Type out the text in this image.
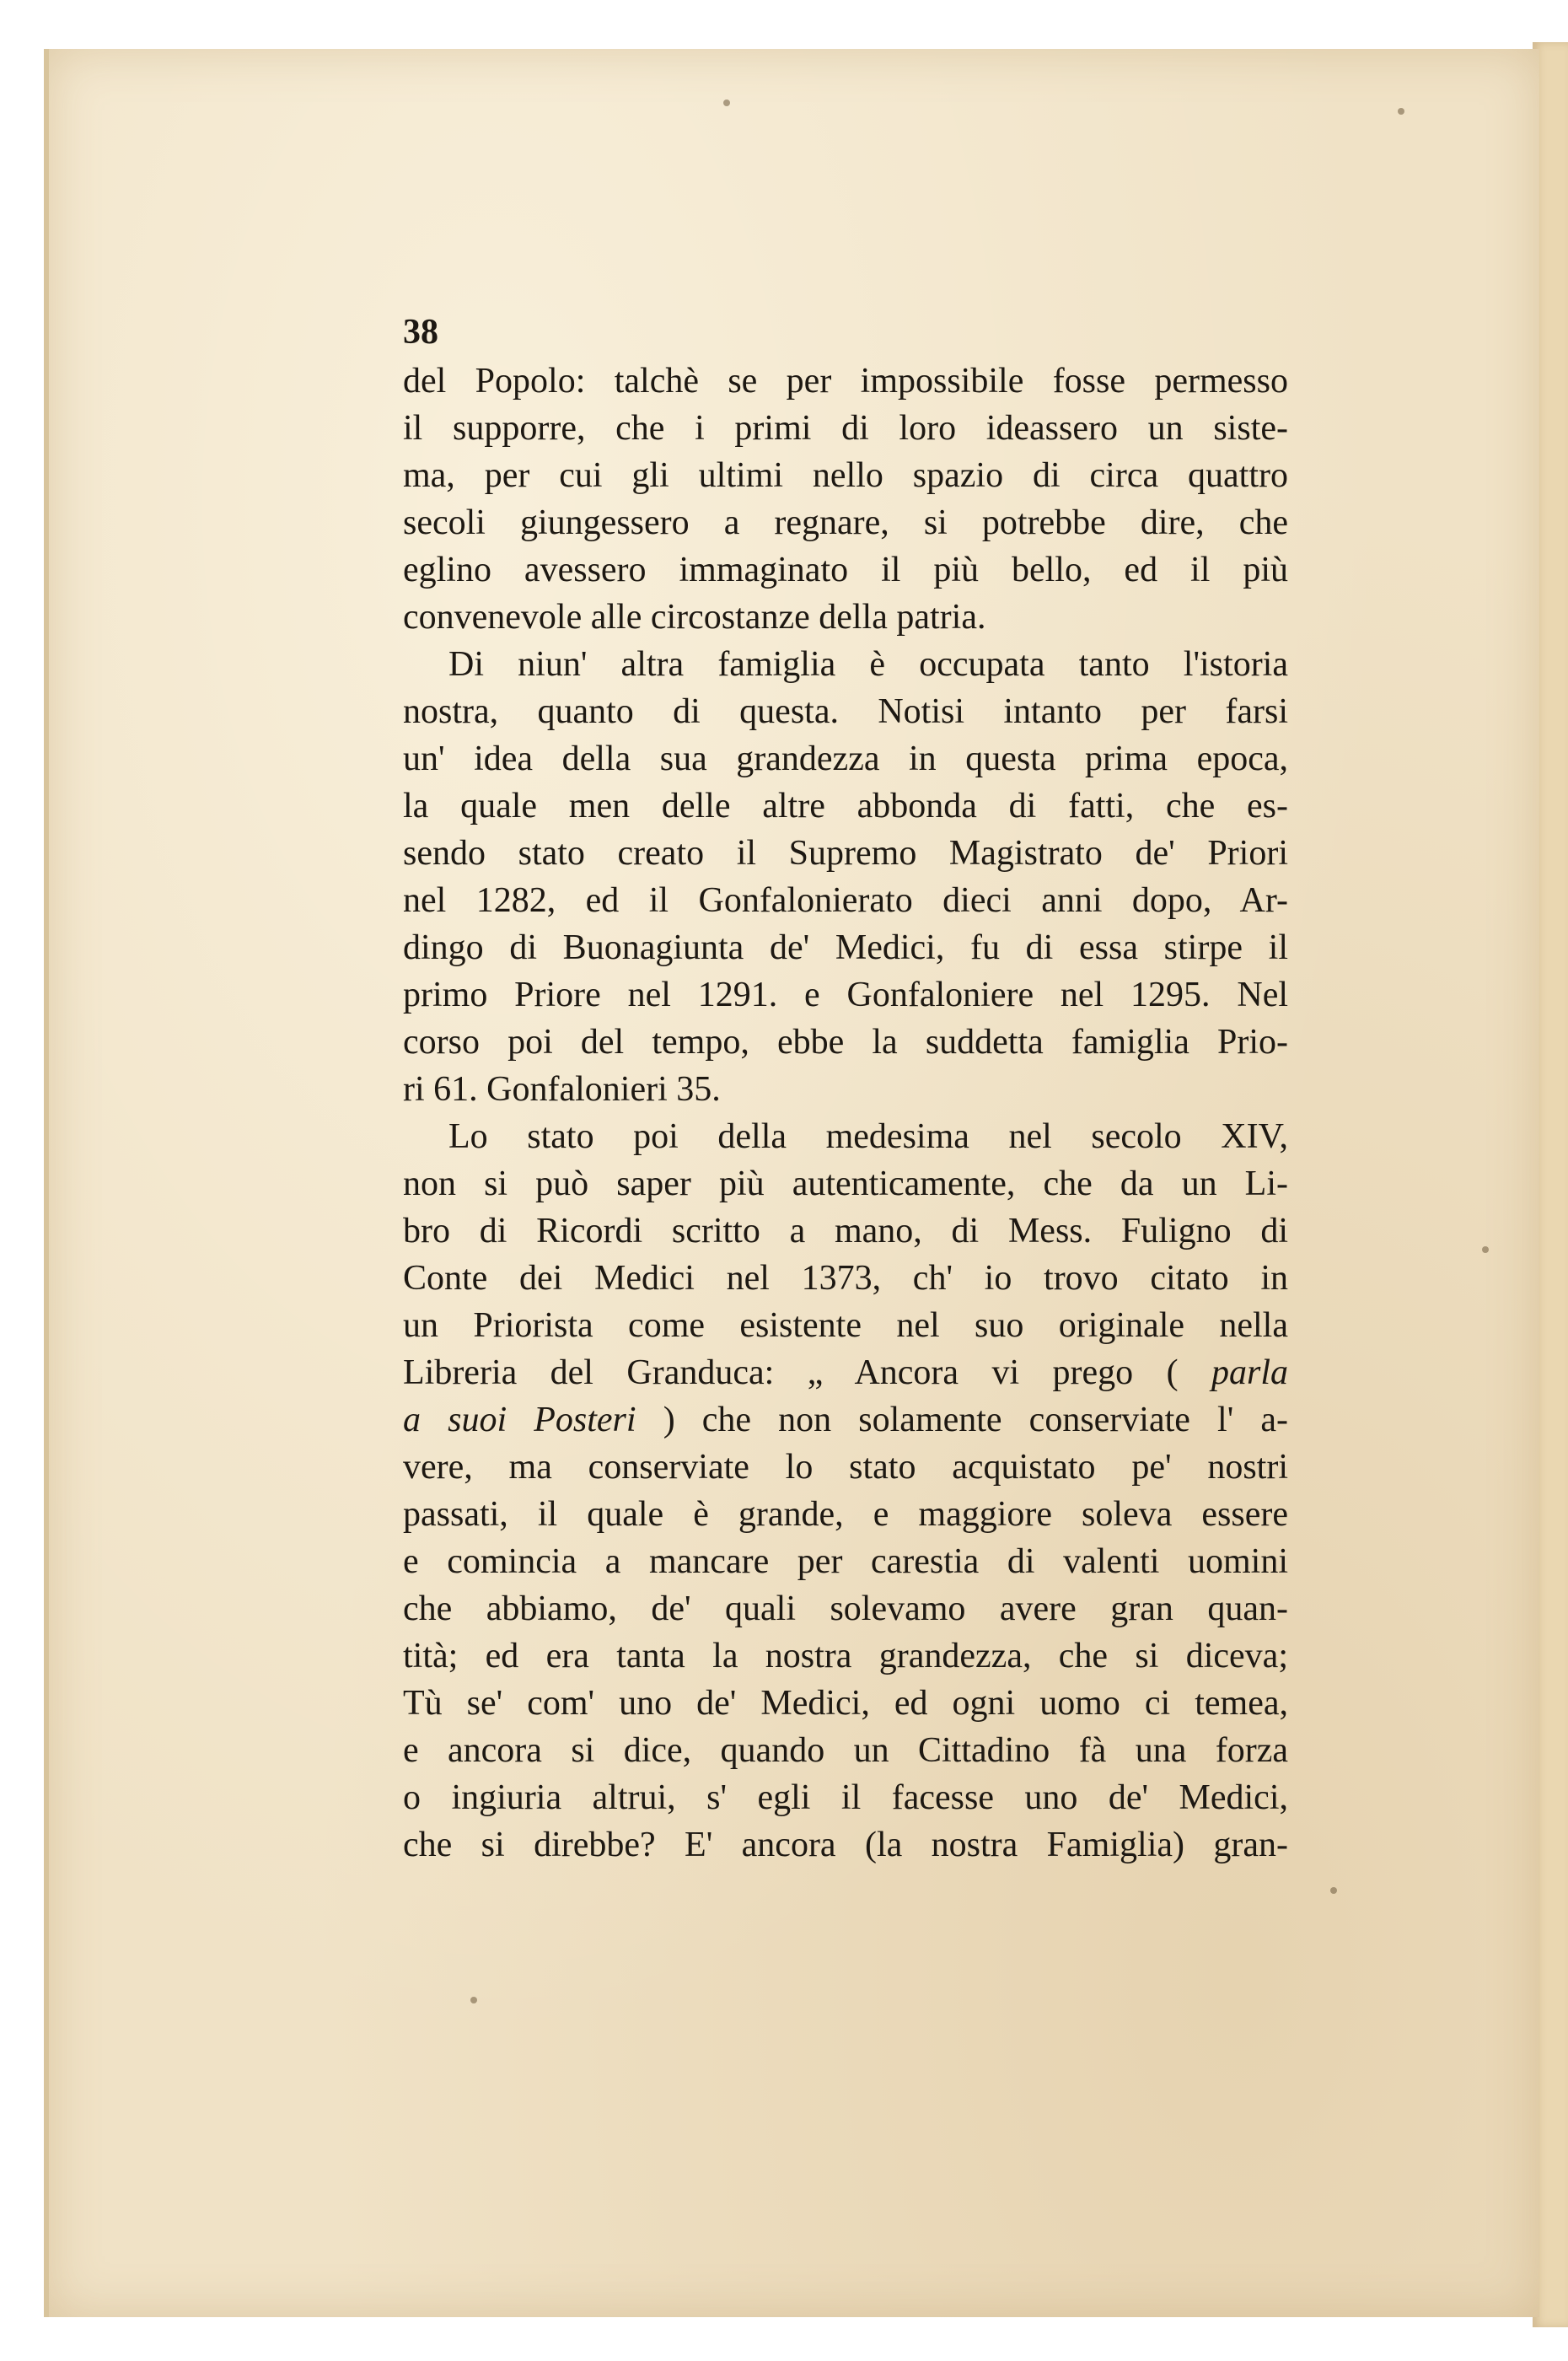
38
del Popolo: talchè se per impossibile fosse permesso
il supporre, che i primi di loro ideassero un siste-
ma, per cui gli ultimi nello spazio di circa quattro
secoli giungessero a regnare, si potrebbe dire, che
eglino avessero immaginato il più bello, ed il più
convenevole alle circostanze della patria.
Di niun' altra famiglia è occupata tanto l'istoria
nostra, quanto di questa. Notisi intanto per farsi
un' idea della sua grandezza in questa prima epoca,
la quale men delle altre abbonda di fatti, che es-
sendo stato creato il Supremo Magistrato de' Priori
nel 1282, ed il Gonfalonierato dieci anni dopo, Ar-
dingo di Buonagiunta de' Medici, fu di essa stirpe il
primo Priore nel 1291. e Gonfaloniere nel 1295. Nel
corso poi del tempo, ebbe la suddetta famiglia Prio-
ri 61. Gonfalonieri 35.
Lo stato poi della medesima nel secolo XIV,
non si può saper più autenticamente, che da un Li-
bro di Ricordi scritto a mano, di Mess. Fuligno di
Conte dei Medici nel 1373, ch' io trovo citato in
un Priorista come esistente nel suo originale nella
Libreria del Granduca: „ Ancora vi prego ( parla
a suoi Posteri ) che non solamente conserviate l' a-
vere, ma conserviate lo stato acquistato pe' nostri
passati, il quale è grande, e maggiore soleva essere
e comincia a mancare per carestia di valenti uomini
che abbiamo, de' quali solevamo avere gran quan-
tità; ed era tanta la nostra grandezza, che si diceva;
Tù se' com' uno de' Medici, ed ogni uomo ci temea,
e ancora si dice, quando un Cittadino fà una forza
o ingiuria altrui, s' egli il facesse uno de' Medici,
che si direbbe? E' ancora (la nostra Famiglia) gran-
